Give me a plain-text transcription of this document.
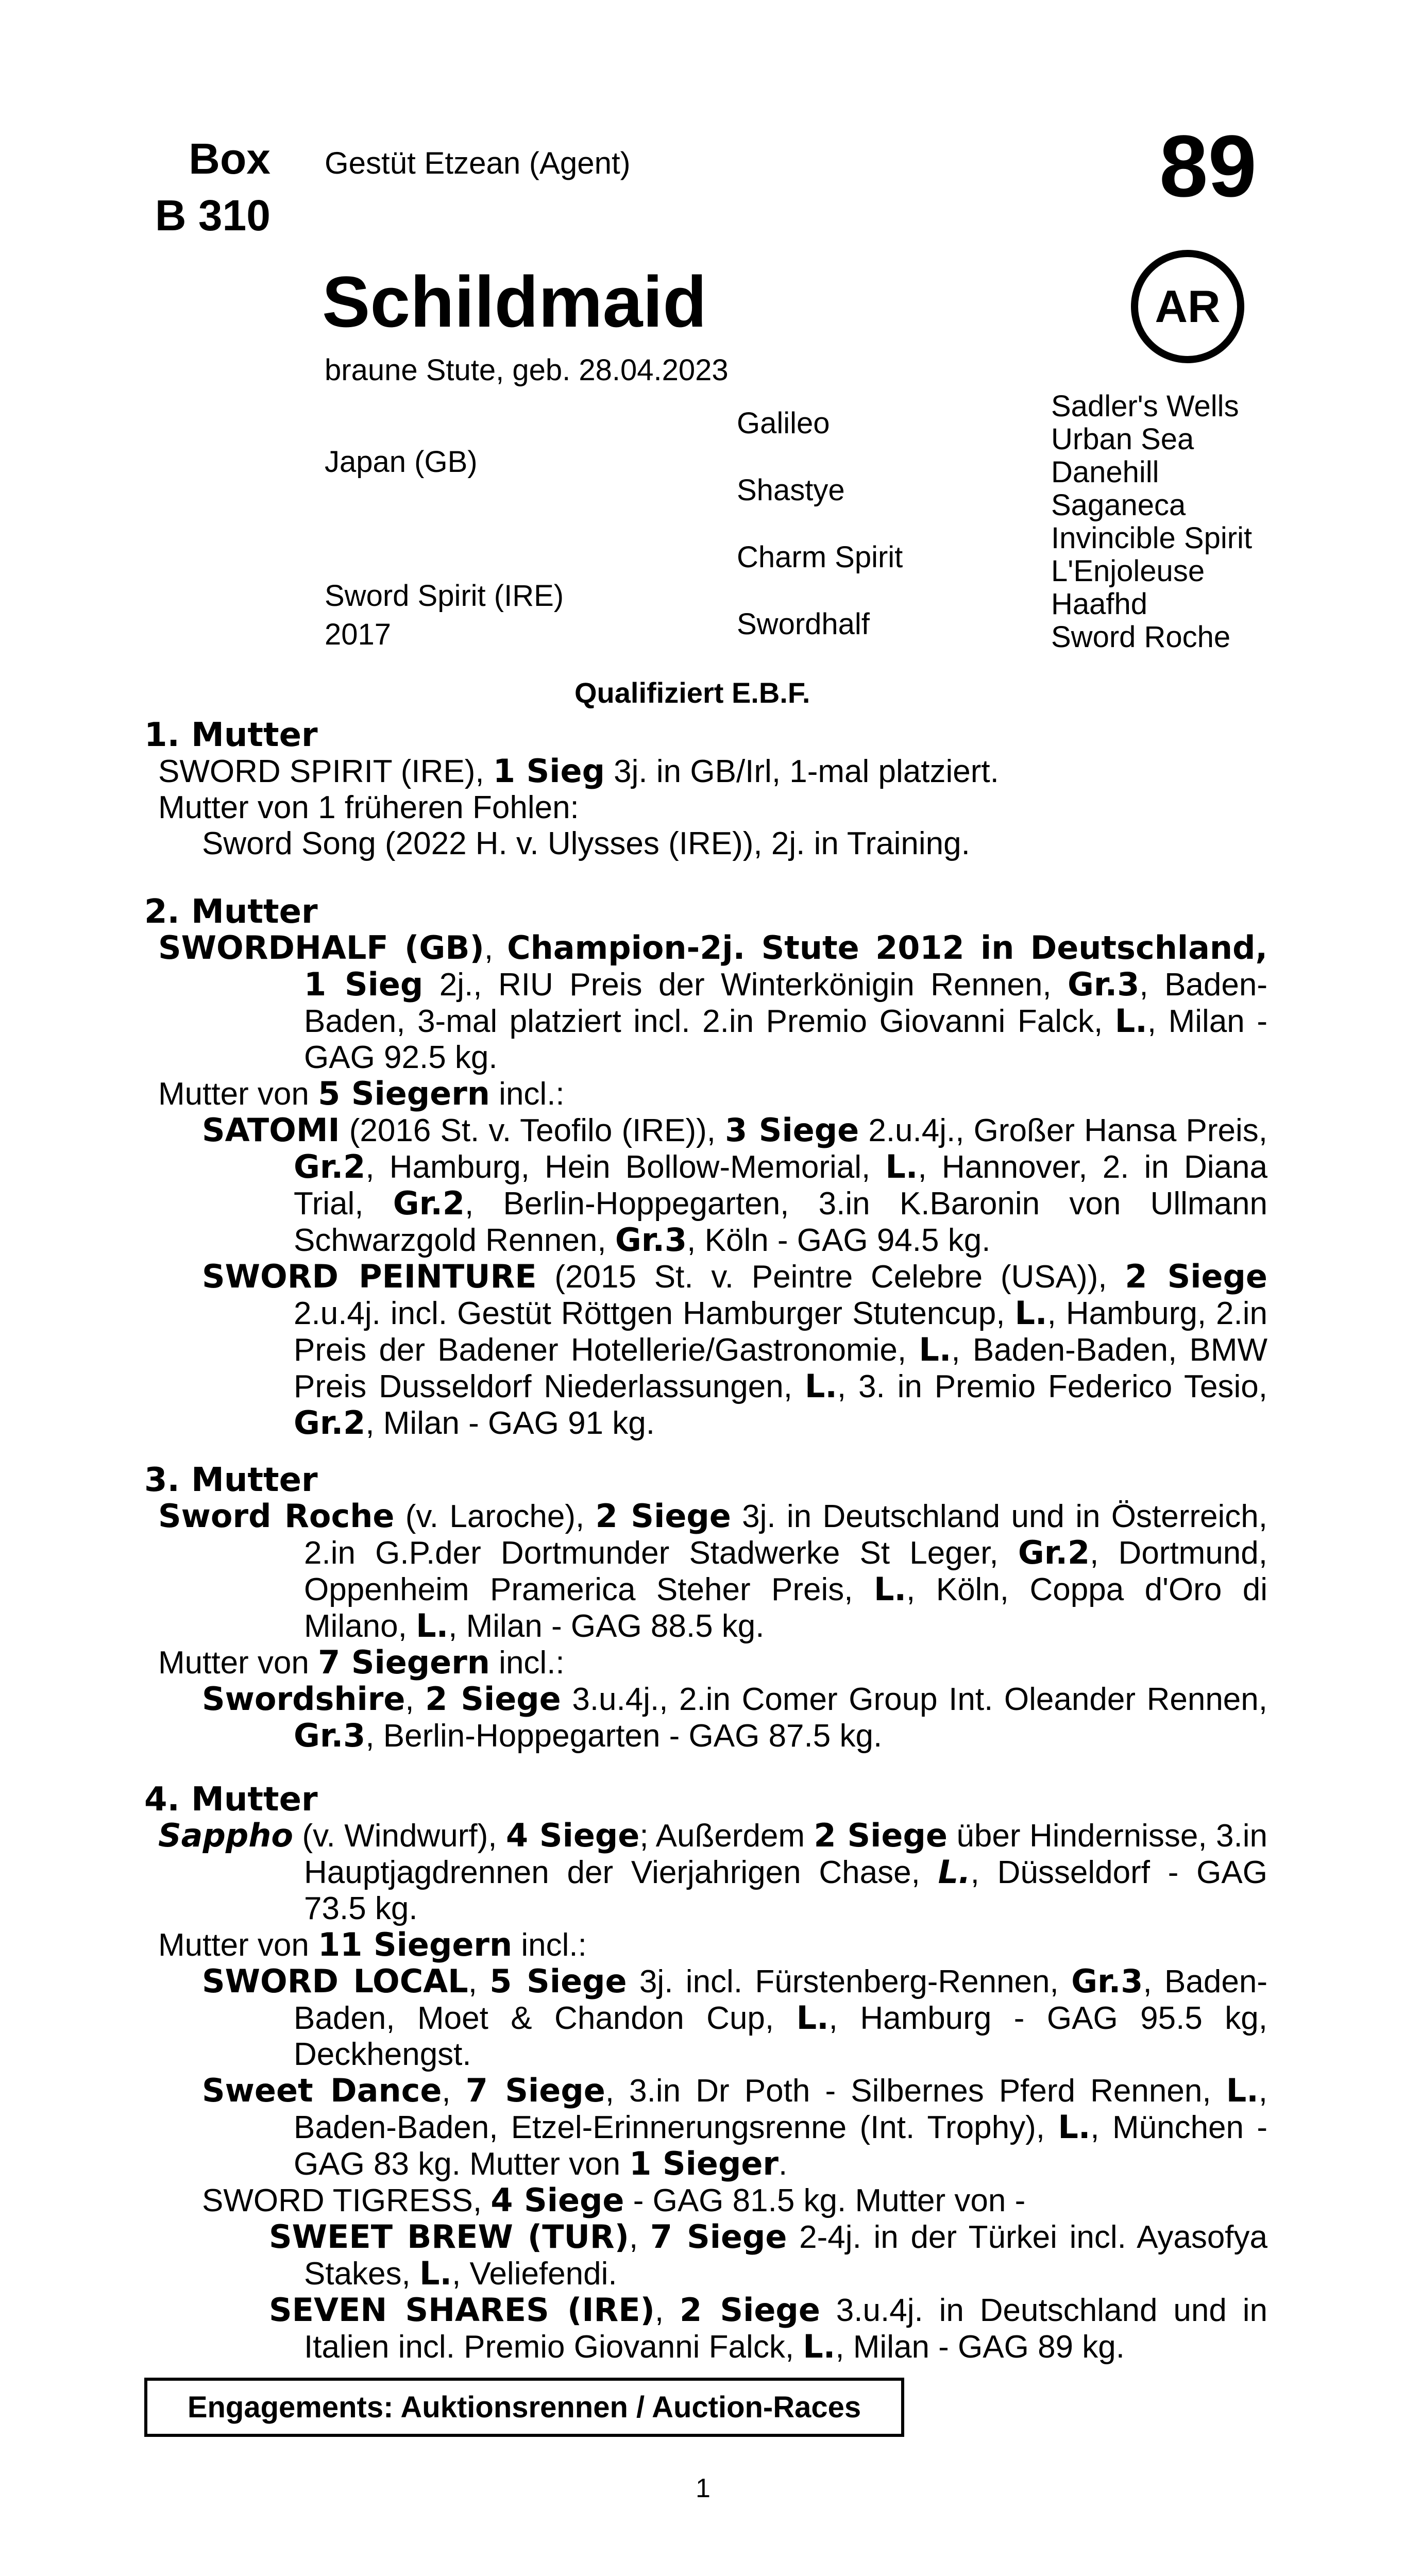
Box
B 310
Gestüt Etzean (Agent)	89
AR
Schildmaid
braune Stute, geb. 28.04.2023
Japan (GB)
Sword Spirit (IRE)
2017
Galileo
Shastye
Charm Spirit
Swordhalf
Sadler's Wells
Urban Sea
Danehill
Saganeca
Invincible Spirit
L'Enjoleuse
Haafhd
Sword Roche
Qualifiziert E.B.F.
1. Mutter

SWORD SPIRIT (IRE), 1 Sieg 3j. in GB/Irl, 1-mal platziert.

Mutter von 1 früheren Fohlen:

Sword Song (2022 H. v. Ulysses (IRE)), 2j. in Training.

2. Mutter

SWORDHALF (GB), Champion-2j. Stute 2012 in Deutschland, 1 Sieg 2j., RIU Preis der Winterkönigin Rennen, Gr.3, Baden-Baden, 3-mal platziert incl. 2.in Premio Giovanni Falck, L., Milan - GAG 92.5 kg.

Mutter von 5 Siegern incl.:

SATOMI (2016 St. v. Teofilo (IRE)), 3 Siege 2.u.4j., Großer Hansa Preis, Gr.2, Hamburg, Hein Bollow-Memorial, L., Hannover, 2. in Diana Trial, Gr.2, Berlin-Hoppegarten, 3.in K.Baronin von Ullmann Schwarzgold Rennen, Gr.3, Köln - GAG 94.5 kg.

SWORD PEINTURE (2015 St. v. Peintre Celebre (USA)), 2 Siege 2.u.4j. incl. Gestüt Röttgen Hamburger Stutencup, L., Hamburg, 2.in Preis der Badener Hotellerie/Gastronomie, L., Baden-Baden, BMW Preis Dusseldorf Niederlassungen, L., 3. in Premio Federico Tesio, Gr.2, Milan - GAG 91 kg.

3. Mutter

Sword Roche (v. Laroche), 2 Siege 3j. in Deutschland und in Österreich, 2.in G.P.der Dortmunder Stadwerke St Leger, Gr.2, Dortmund, Oppenheim Pramerica Steher Preis, L., Köln, Coppa d'Oro di Milano, L., Milan - GAG 88.5 kg.

Mutter von 7 Siegern incl.:

Swordshire, 2 Siege 3.u.4j., 2.in Comer Group Int. Oleander Rennen, Gr.3, Berlin-Hoppegarten - GAG 87.5 kg.

4. Mutter

Sappho (v. Windwurf), 4 Siege; Außerdem 2 Siege über Hindernisse, 3.in Hauptjagdrennen der Vierjahrigen Chase, L., Düsseldorf - GAG 73.5 kg.

Mutter von 11 Siegern incl.:

SWORD LOCAL, 5 Siege 3j. incl. Fürstenberg-Rennen, Gr.3, Baden-Baden, Moet & Chandon Cup, L., Hamburg - GAG 95.5 kg, Deckhengst.

Sweet Dance, 7 Siege, 3.in Dr Poth - Silbernes Pferd Rennen, L., Baden-Baden, Etzel-Erinnerungsrenne (Int. Trophy), L., München - GAG 83 kg. Mutter von 1 Sieger.

SWORD TIGRESS, 4 Siege - GAG 81.5 kg. Mutter von -

SWEET BREW (TUR), 7 Siege 2-4j. in der Türkei incl. Ayasofya Stakes, L., Veliefendi.

SEVEN SHARES (IRE), 2 Siege 3.u.4j. in Deutschland und in Italien incl. Premio Giovanni Falck, L., Milan - GAG 89 kg.

Engagements: Auktionsrennen / Auction-Races
1
